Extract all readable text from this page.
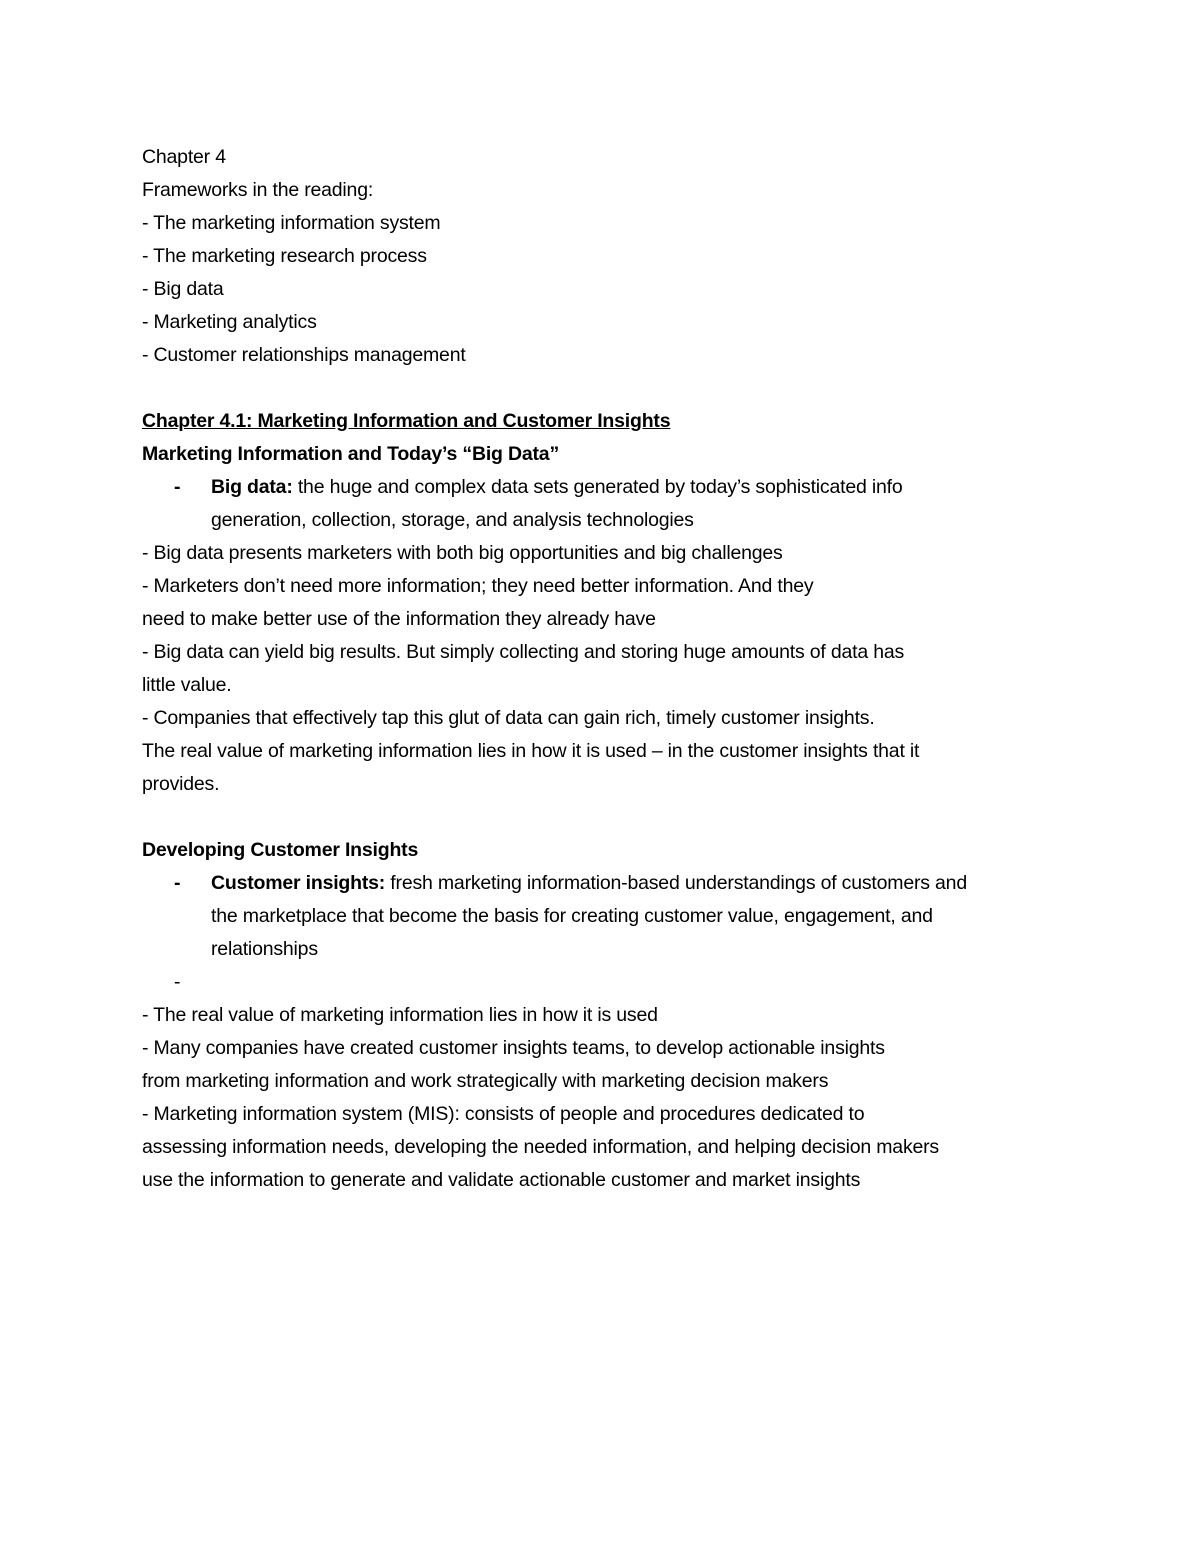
Chapter 4
Frameworks in the reading:
- The marketing information system
- The marketing research process
- Big data
- Marketing analytics
- Customer relationships management
Chapter 4.1: Marketing Information and Customer Insights
Marketing Information and Today’s “Big Data”
-	Big data: the huge and complex data sets generated by today’s sophisticated info
generation, collection, storage, and analysis technologies
- Big data presents marketers with both big opportunities and big challenges
- Marketers don’t need more information; they need better information. And they
need to make better use of the information they already have
- Big data can yield big results. But simply collecting and storing huge amounts of data has
little value.
- Companies that effectively tap this glut of data can gain rich, timely customer insights.
The real value of marketing information lies in how it is used – in the customer insights that it
provides.
Developing Customer Insights
-	Customer insights: fresh marketing information-based understandings of customers and
the marketplace that become the basis for creating customer value, engagement, and
relationships
-
- The real value of marketing information lies in how it is used
- Many companies have created customer insights teams, to develop actionable insights
from marketing information and work strategically with marketing decision makers
- Marketing information system (MIS): consists of people and procedures dedicated to
assessing information needs, developing the needed information, and helping decision makers
use the information to generate and validate actionable customer and market insights
